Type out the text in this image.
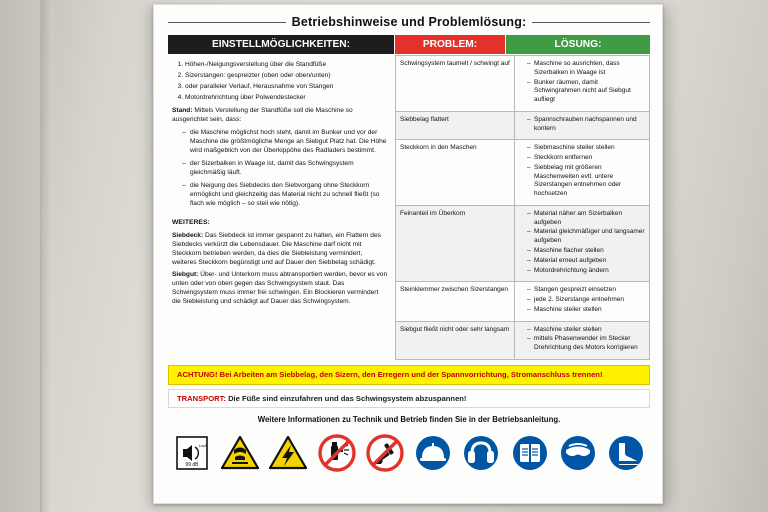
Betriebshinweise und Problemlösung:
EINSTELLMÖGLICHKEITEN:	PROBLEM:	LÖSUNG:
1. Höhen-/Neigungsverstellung über die Standfüße
2. Sizerstangen: gespreizter (oben oder oben/unten)
3. oder paralleler Verlauf, Herausnahme von Stangen
4. Motordrehrichtung über Polwendestecker
Stand: Mittels Verstellung der Standfüße soll die Maschine so ausgerichtet sein, dass:
– die Maschine möglichst hoch steht, damit im Bunker und vor der Maschine die größtmögliche Menge an Siebgut Platz hat. Die Höhe wird maßgeblich von der Überkippöhe des Radladers bestimmt.
– der Sizerbalken in Waage ist, damit das Schwingsystem gleichmäßig läuft.
– die Neigung des Siebdecks den Siebvorgang ohne Steckkorn ermöglicht und gleichzeitig das Material nicht zu schnell fließt (so flach wie möglich – so steil wie nötig).
WEITERES:
Siebdeck: Das Siebdeck ist immer gespannt zu halten, ein Flattern des Siebdecks verkürzt die Lebensdauer. Die Maschine darf nicht mit Steckkorn betrieben werden, da dies die Siebleistung vermindert, weiteres Steckkorn begünstigt und auf Dauer den Siebbelag schädigt.
Siebgut: Über- und Unterkorn muss abtransportiert werden, bevor es von unten oder von oben gegen das Schwingsystem staut. Das Schwingsystem muss immer frei schwingen. Ein Blockieren vermindert die Siebleistung und schädigt auf Dauer das Schwingsystem.
Schwingsystem taumelt / schwingt auf	
–Maschine so ausrichten, dass Sizerbalken in Waage ist
– Bunker räumen, damit Schwingrahmen nicht auf Siebgut aufliegt

Siebbelag flattert	
–Spannschrauben nachspannen und kontern

Steckkorn in den Maschen	
–Siebmaschine steiler stellen
– Steckkorn entfernen
– Siebbelag mit größeren Maschenweiten evtl. untere Sizerstangen entnehmen oder hochsetzen

Feinanteil im Überkorn	
–Material näher am Sizerbalken aufgeben
– Material gleichmäßiger und langsamer aufgeben
– Maschine flacher stellen
– Material erneut aufgeben
– Motordrehrichtung ändern

Steinklemmer zwischen Sizerstangen	
–Stangen gespreizt einsetzen
– jede 2. Sizerstange entnehmen
– Maschine steiler stellen

Siebgut fließt nicht oder sehr langsam	
–Maschine steiler stellen
– mittels Phasenwender im Stecker Drehrichtung des Motors korrigieren
ACHTUNG! Bei Arbeiten am Siebbelag, den Sizern, den Erregern und der Spannvorrichtung, Stromanschluss trennen!
TRANSPORT: Die Füße sind einzufahren und das Schwingsystem abzuspannen!
Weitere Informationen zu Technik und Betrieb finden Sie in der Betriebsanleitung.
LwA
99 dB
